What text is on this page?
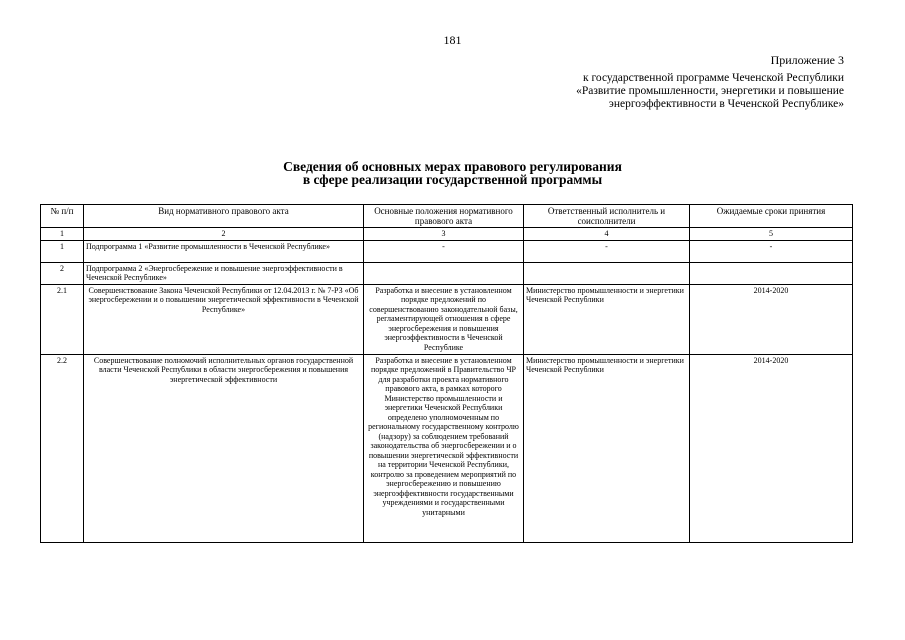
181
Приложение 3
к государственной программе Чеченской Республики
«Развитие промышленности, энергетики и повышение
энергоэффективности в Чеченской Республике»
Сведения об основных мерах правового регулирования
в сфере реализации государственной программы
№ п/п	Вид нормативного правового акта	Основные положения нормативного правового акта	Ответственный исполнитель и соисполнители	Ожидаемые сроки принятия
1	2	3	4	5
1	Подпрограмма 1 «Развитие промышленности в Чеченской Республике»	-	-	-
2	Подпрограмма 2 «Энергосбережение и повышение энергоэффективности в Чеченской Республике»			
2.1	Совершенствование Закона Чеченской Республики от 12.04.2013 г. № 7-РЗ «Об энергосбережении и о повышении энергетической эффективности в Чеченской Республике»	Разработка и внесение в установленном порядке предложений по совершенствованию законодательной базы, регламентирующей отношения в сфере энергосбережения и повышения энергоэффективности в Чеченской Республике	Министерство промышленности и энергетики Чеченской Республики	2014-2020
2.2	Совершенствование полномочий исполнительных органов государственной власти Чеченской Республики в области энергосбережения и повышения энергетической эффективности	Разработка и внесение в установленном порядке предложений в Правительство ЧР для разработки проекта нормативного правового акта, в рамках которого Министерство промышленности и энергетики Чеченской Республики определено уполномоченным по региональному государственному контролю (надзору) за соблюдением требований законодательства об энергосбережении и о повышении энергетической эффективности на территории Чеченской Республики, контролю за проведением мероприятий по энергосбережению и повышению энергоэффективности государственными учреждениями и государственными унитарными	Министерство промышленности и энергетики Чеченской Республики	2014-2020
